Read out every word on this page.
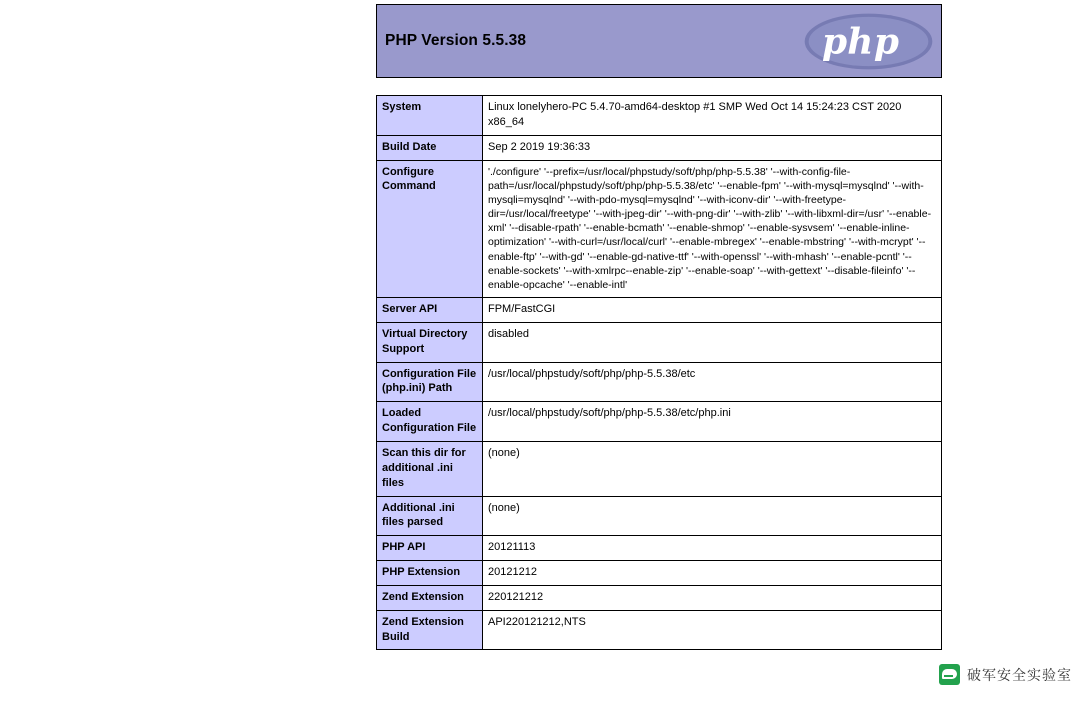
PHP Version 5.5.38	p h p
System	Linux lonelyhero-PC 5.4.70-amd64-desktop #1 SMP Wed Oct 14 15:24:23 CST 2020 x86_64
Build Date	Sep 2 2019 19:36:33
Configure Command	'./configure' '--prefix=/usr/local/phpstudy/soft/php/php-5.5.38' '--with-config-file-path=/usr/local/phpstudy/soft/php/php-5.5.38/etc' '--enable-fpm' '--with-mysql=mysqlnd' '--with-mysqli=mysqlnd' '--with-pdo-mysql=mysqlnd' '--with-iconv-dir' '--with-freetype-dir=/usr/local/freetype' '--with-jpeg-dir' '--with-png-dir' '--with-zlib' '--with-libxml-dir=/usr' '--enable-xml' '--disable-rpath' '--enable-bcmath' '--enable-shmop' '--enable-sysvsem' '--enable-inline-optimization' '--with-curl=/usr/local/curl' '--enable-mbregex' '--enable-mbstring' '--with-mcrypt' '--enable-ftp' '--with-gd' '--enable-gd-native-ttf' '--with-openssl' '--with-mhash' '--enable-pcntl' '--enable-sockets' '--with-xmlrpc--enable-zip' '--enable-soap' '--with-gettext' '--disable-fileinfo' '--enable-opcache' '--enable-intl'
Server API	FPM/FastCGI
Virtual Directory Support	disabled
Configuration File (php.ini) Path	/usr/local/phpstudy/soft/php/php-5.5.38/etc
Loaded Configuration File	/usr/local/phpstudy/soft/php/php-5.5.38/etc/php.ini
Scan this dir for additional .ini files	(none)
Additional .ini files parsed	(none)
PHP API	20121113
PHP Extension	20121212
Zend Extension	220121212
Zend Extension Build	API220121212,NTS
破军安全实验室
